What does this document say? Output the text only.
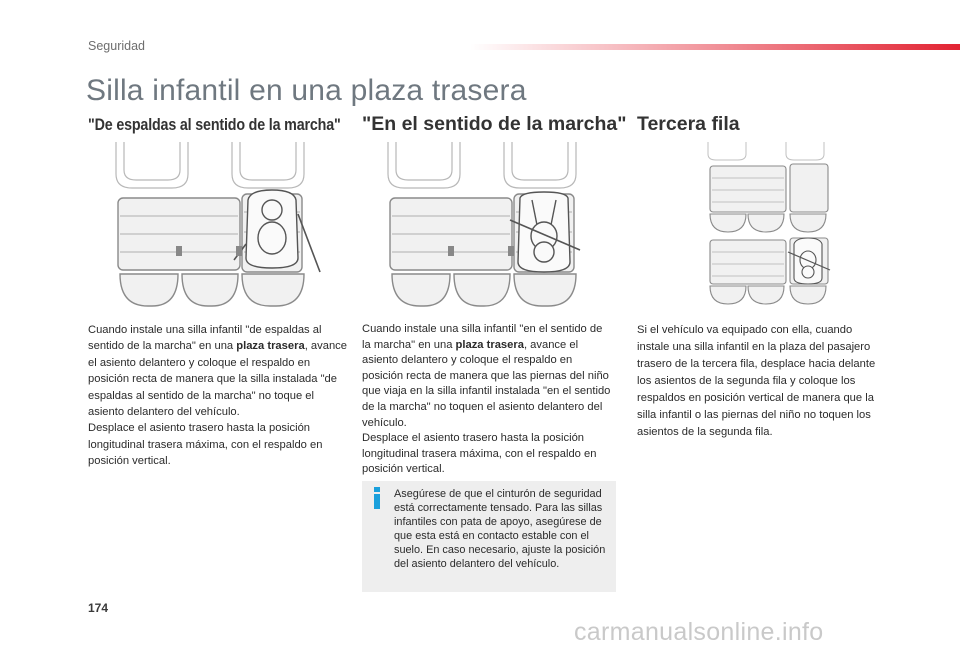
Seguridad
Silla infantil en una plaza trasera
"De espaldas al sentido de la marcha" "En el sentido de la marcha" Tercera fila

Cuando instale una silla infantil "de espaldas al sentido de la marcha" en una plaza trasera, avance el asiento delantero y coloque el respaldo en posición recta de manera que la silla instalada "de espaldas al sentido de la marcha" no toque el asiento delantero del vehículo.
Desplace el asiento trasero hasta la posición longitudinal trasera máxima, con el respaldo en posición vertical.

Cuando instale una silla infantil "en el sentido de la marcha" en una plaza trasera, avance el asiento delantero y coloque el respaldo en posición recta de manera que las piernas del niño que viaja en la silla infantil instalada "en el sentido de la marcha" no toquen el asiento delantero del vehículo.
Desplace el asiento trasero hasta la posición longitudinal trasera máxima, con el respaldo en posición vertical.

Si el vehículo va equipado con ella, cuando instale una silla infantil en la plaza del pasajero trasero de la tercera fila, desplace hacia delante los asientos de la segunda fila y coloque los respaldos en posición vertical de manera que la silla infantil o las piernas del niño no toquen los asientos de la segunda fila.

Asegúrese de que el cinturón de seguridad está correctamente tensado. Para las sillas infantiles con pata de apoyo, asegúrese de que esta está en contacto estable con el suelo. En caso necesario, ajuste la posición del asiento delantero del vehículo.

174
carmanualsonline.info
